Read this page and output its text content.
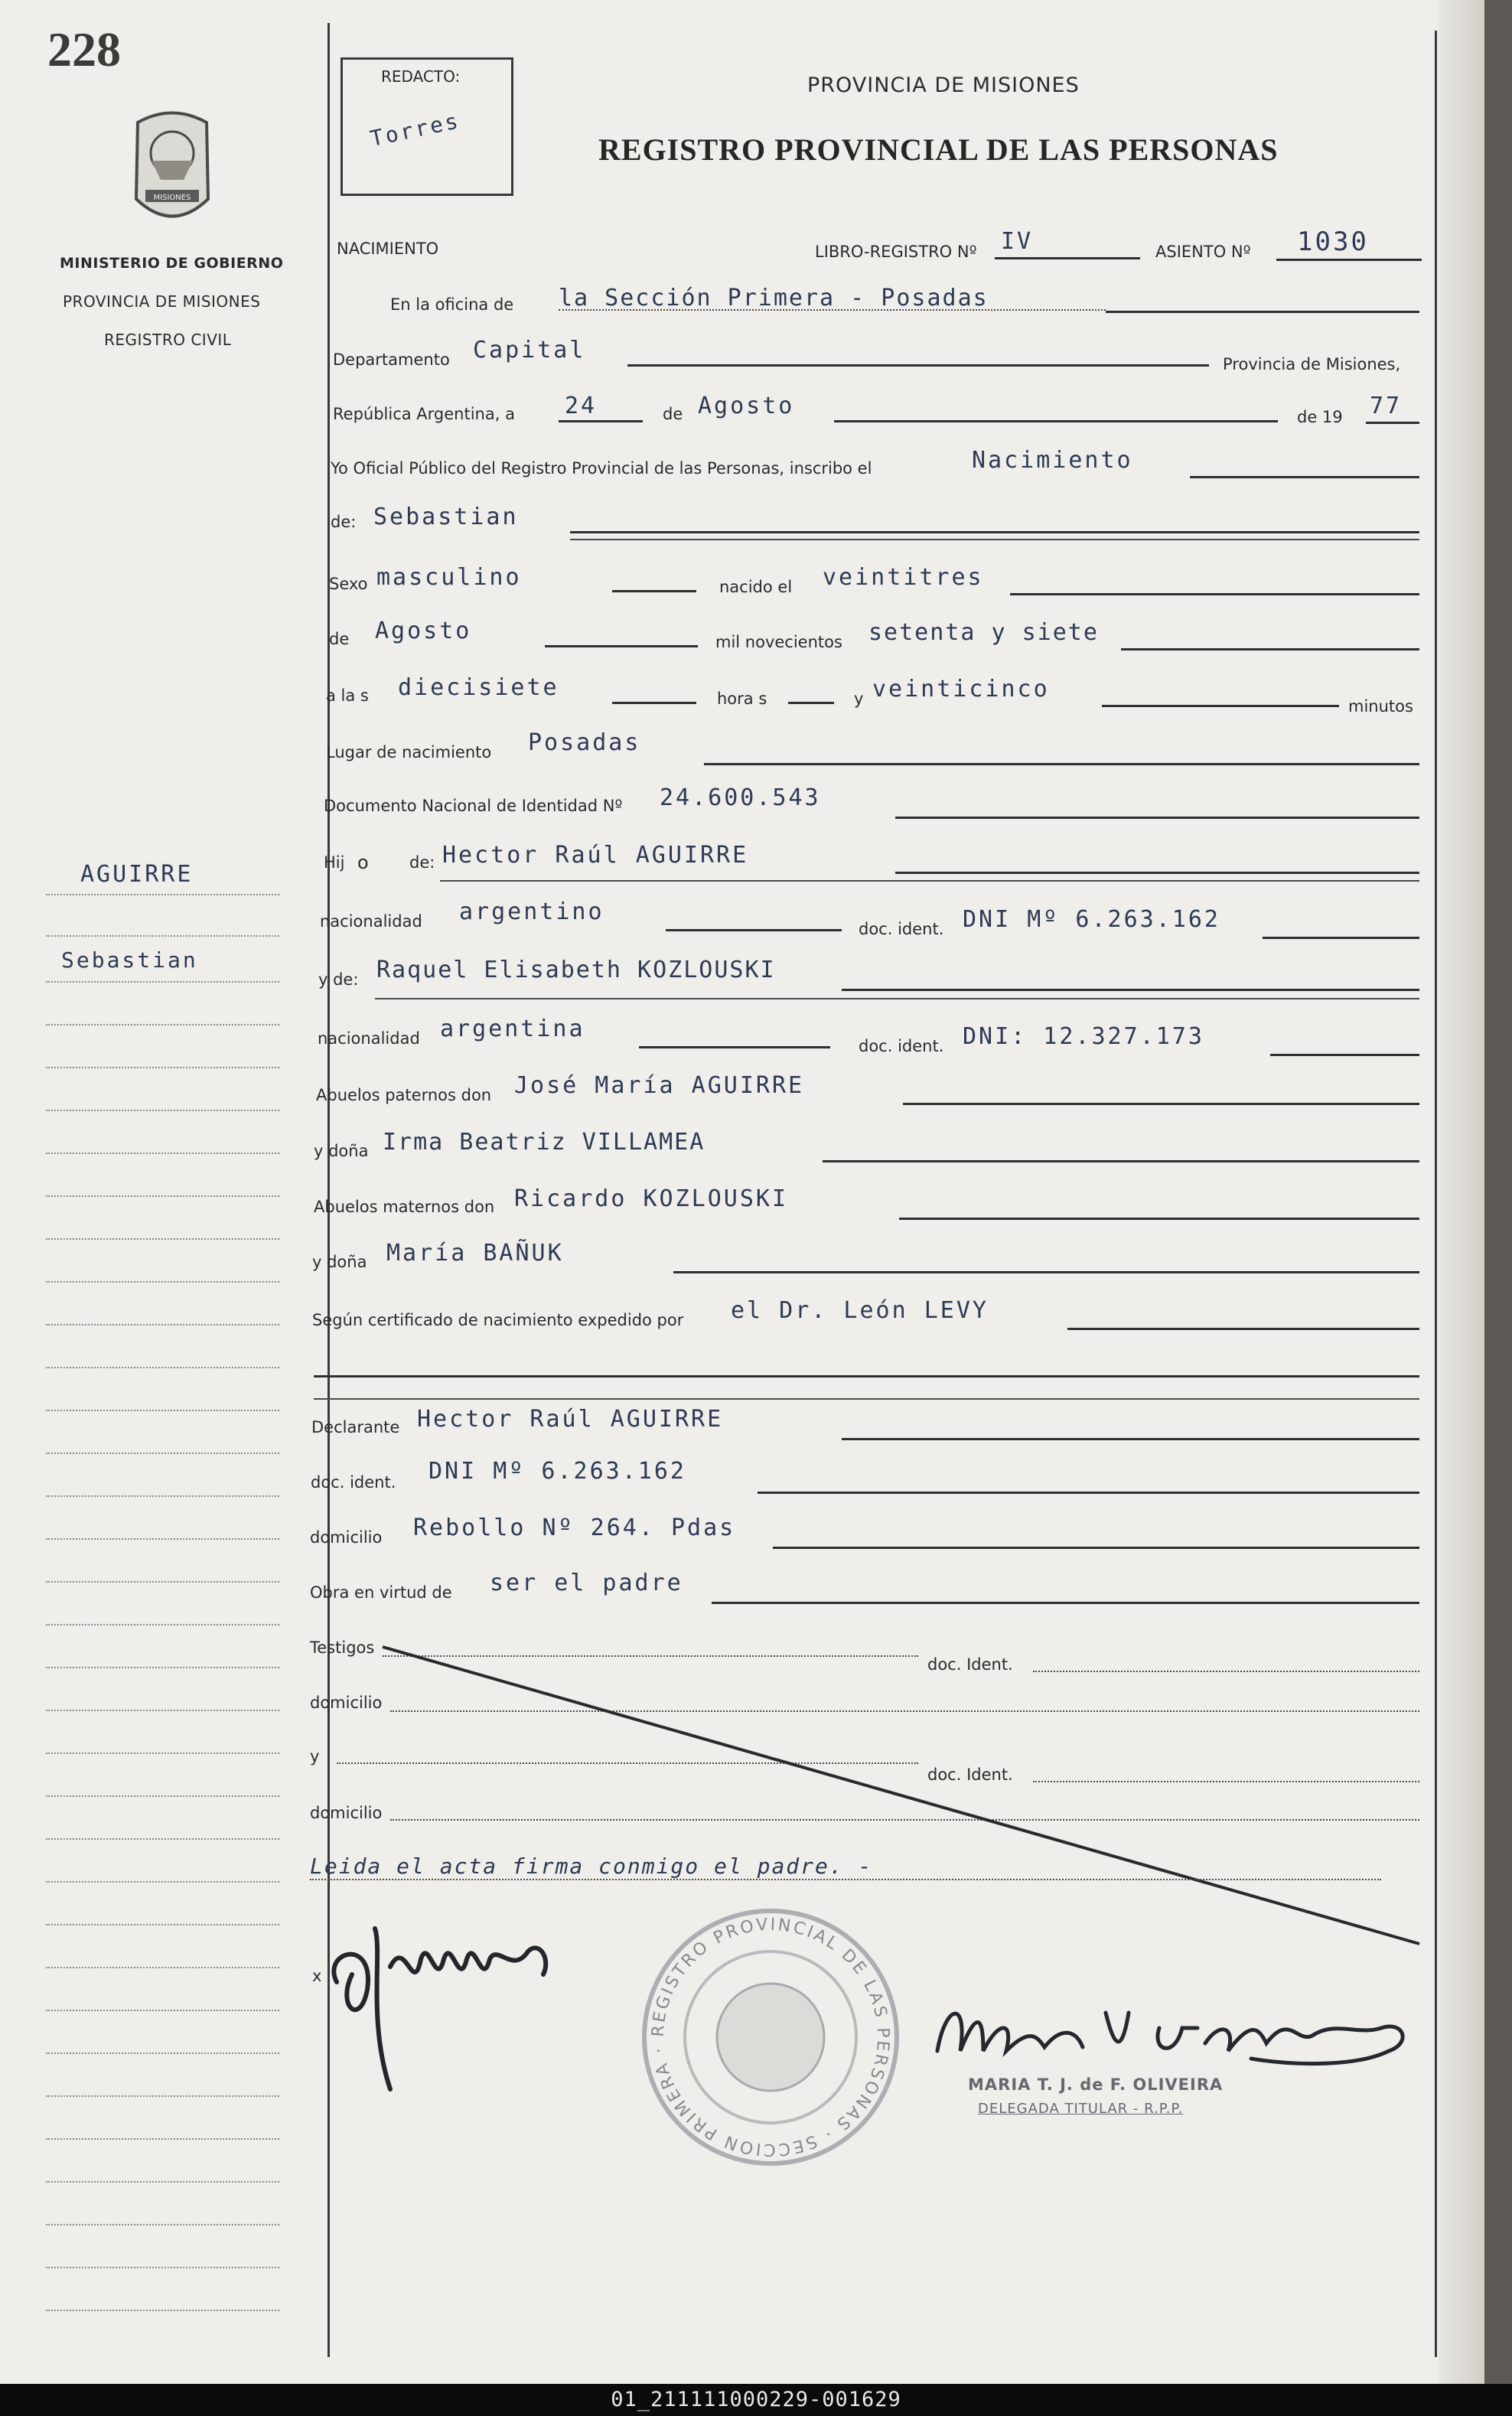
228
MISIONES
MINISTERIO DE GOBIERNO
PROVINCIA DE MISIONES
REGISTRO CIVIL
AGUIRRE
Sebastian
REDACTO:
Torres
PROVINCIA DE MISIONES
REGISTRO PROVINCIAL DE LAS PERSONAS
NACIMIENTO	LIBRO-REGISTRO Nº IV	ASIENTO Nº 1030
En la oficina de la Sección Primera - Posadas
Departamento Capital
Provincia de Misiones,
República Argentina, a 24	de Agosto	de 19 77
Yo Oficial Público del Registro Provincial de las Personas, inscribo el	Nacimiento
de: Sebastian
Sexo masculino	nacido el veintitres
de Agosto	mil novecientos setenta y siete
a la s diecisiete	hora s	y veinticinco
minutos
Lugar de nacimiento Posadas
Documento Nacional de Identidad Nº 24.600.543
Hij o	de: Hector Raúl AGUIRRE
nacionalidad argentino
doc. ident. DNI Mº 6.263.162
y de: Raquel Elisabeth KOZLOUSKI
nacionalidad argentina
doc. ident. DNI: 12.327.173
Abuelos paternos don José María AGUIRRE
y doña Irma Beatriz VILLAMEA
Abuelos maternos don Ricardo KOZLOUSKI
y doña María BAÑUK
Según certificado de nacimiento expedido por el Dr. León LEVY
Declarante Hector Raúl AGUIRRE
doc. ident. DNI Mº 6.263.162
domicilio Rebollo Nº 264. Pdas
Obra en virtud de ser el padre
Testigos
doc. Ident.
domicilio
y
doc. Ident.
domicilio
Leida el acta firma conmigo el padre. -
x
REGISTRO PROVINCIAL DE LAS PERSONAS · SECCION PRIMERA ·
MARIA T. J. de F. OLIVEIRA
DELEGADA TITULAR - R.P.P.
01_211111000229-001629
